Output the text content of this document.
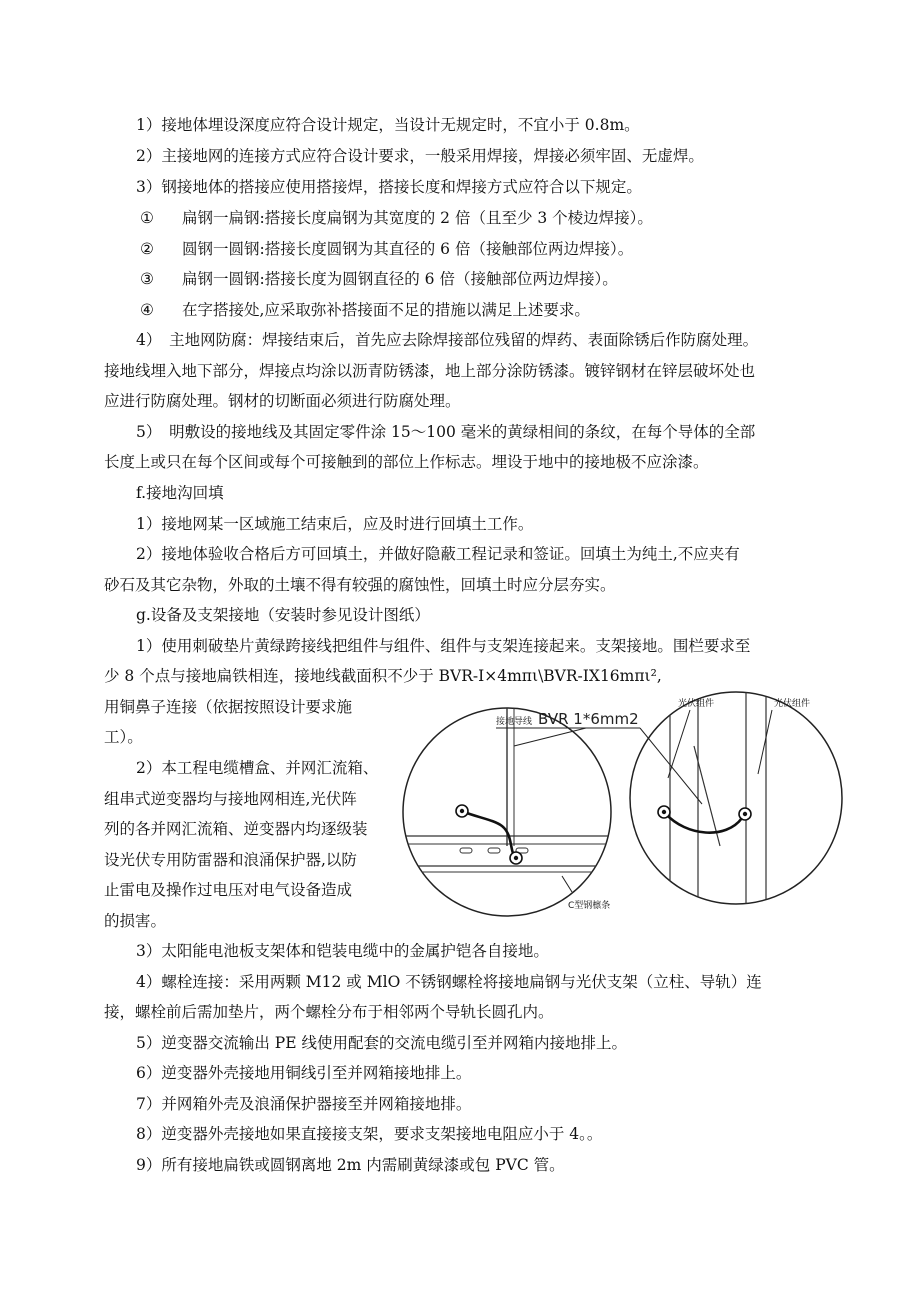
1）接地体埋设深度应符合设计规定，当设计无规定时，不宜小于 0.8m。
2）主接地网的连接方式应符合设计要求，一般采用焊接，焊接必须牢固、无虚焊。
3）钢接地体的搭接应使用搭接焊，搭接长度和焊接方式应符合以下规定。
① 扁钢一扁钢:搭接长度扁钢为其宽度的 2 倍（且至少 3 个棱边焊接）。
② 圆钢一圆钢:搭接长度圆钢为其直径的 6 倍（接触部位两边焊接）。
③ 扁钢一圆钢:搭接长度为圆钢直径的 6 倍（接触部位两边焊接）。
④ 在字搭接处,应采取弥补搭接面不足的措施以满足上述要求。
4）　主地网防腐：焊接结束后，首先应去除焊接部位残留的焊药、表面除锈后作防腐处理。
接地线埋入地下部分，焊接点均涂以沥青防锈漆，地上部分涂防锈漆。镀锌钢材在锌层破坏处也
应进行防腐处理。钢材的切断面必须进行防腐处理。
5）　明敷设的接地线及其固定零件涂 15～100 毫米的黄绿相间的条纹，在每个导体的全部
长度上或只在每个区间或每个可接触到的部位上作标志。埋设于地中的接地极不应涂漆。
f.接地沟回填
1）接地网某一区域施工结束后，应及时进行回填土工作。
2）接地体验收合格后方可回填土，并做好隐蔽工程记录和签证。回填土为纯土,不应夹有
砂石及其它杂物，外取的土壤不得有较强的腐蚀性，回填土时应分层夯实。
g.设备及支架接地（安装时参见设计图纸）
1）使用刺破垫片黄绿跨接线把组件与组件、组件与支架连接起来。支架接地。围栏要求至
少 8 个点与接地扁铁相连，接地线截面积不少于 BVR-I×4mπι\BVR-IX16mπι²,
用铜鼻子连接（依据按照设计要求施
工）。
2）本工程电缆槽盒、并网汇流箱、
组串式逆变器均与接地网相连,光伏阵
列的各并网汇流箱、逆变器内均逐级装
设光伏专用防雷器和浪涌保护器,以防
止雷电及操作过电压对电气设备造成
的损害。
3）太阳能电池板支架体和铠装电缆中的金属护铠各自接地。
4）螺栓连接：采用两颗 M12 或 MlO 不锈钢螺栓将接地扁钢与光伏支架（立柱、导轨）连
接，螺栓前后需加垫片，两个螺栓分布于相邻两个导轨长圆孔内。
5）逆变器交流输出 PE 线使用配套的交流电缆引至并网箱内接地排上。
6）逆变器外壳接地用铜线引至并网箱接地排上。
7）并网箱外壳及浪涌保护器接至并网箱接地排。
8）逆变器外壳接地如果直接接支架，要求支架接地电阻应小于 4。。
9）所有接地扁铁或圆钢离地 2m 内需刷黄绿漆或包 PVC 管。
接地导线 BVR 1*6mm2
光伏组件	光伏组件
C型钢檩条
